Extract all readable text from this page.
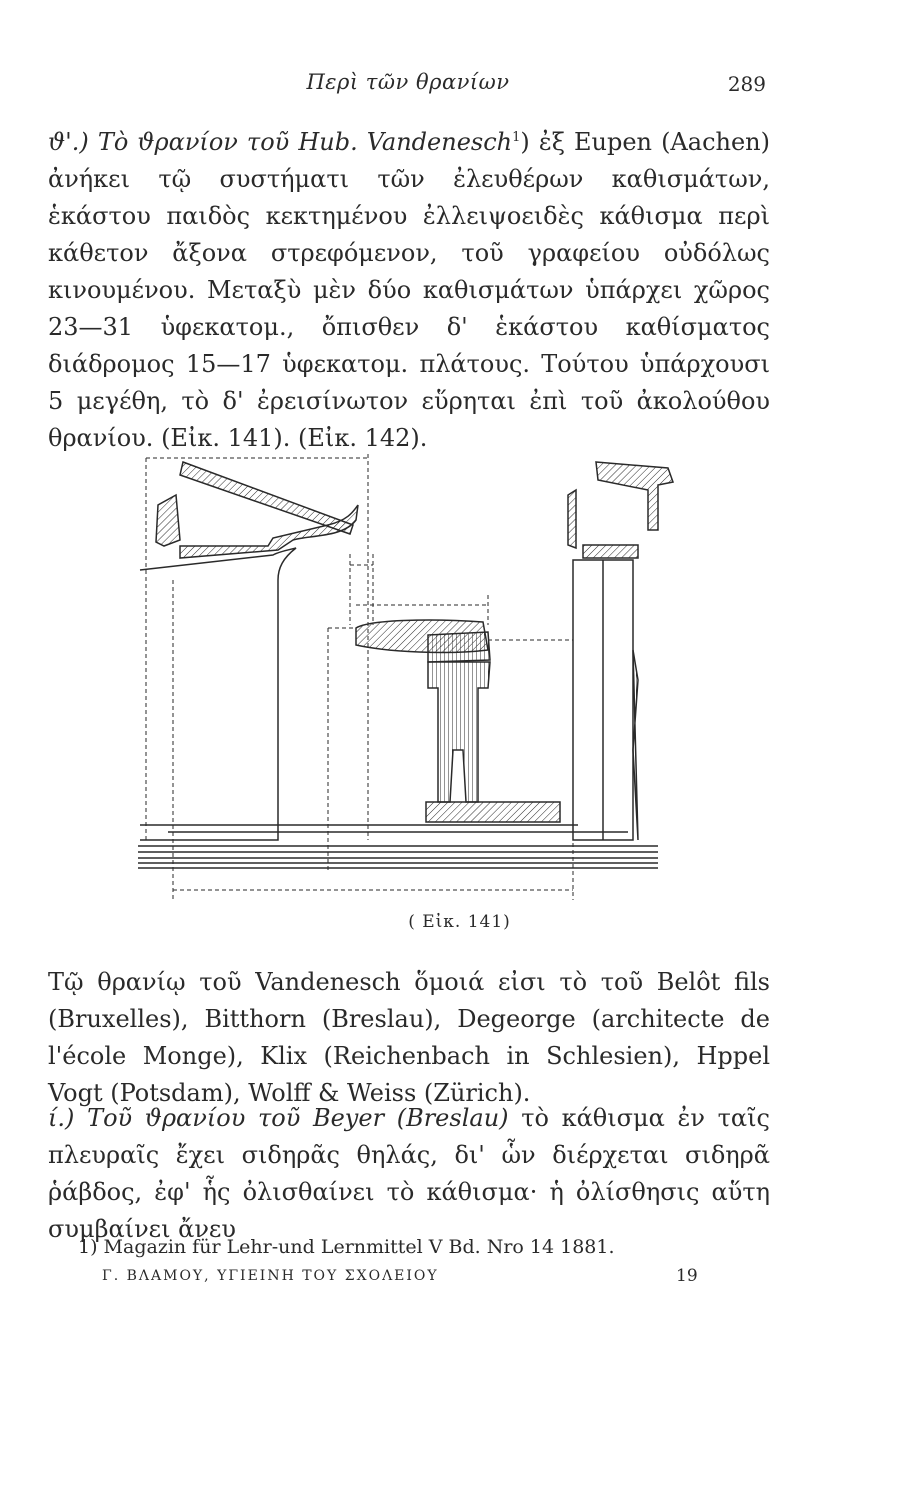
Περὶ τῶν θρανίων	289

ϑ'.) Τὸ ϑρανίον τοῦ Hub. Vandenesch$^1$) ἐξ Eupen (Aachen) ἀνήκει τῷ συστήματι τῶν ἐλευθέρων καθισμάτων, ἑκάστου παιδὸς κεκτημένου ἐλλειψοειδὲς κάθισμα περὶ κάθετον ἄξονα στρεφόμενον, τοῦ γραφείου οὐδόλως κινουμένου. Μεταξὺ μὲν δύο καθισμάτων ὑπάρχει χῶρος 23—31 ὑφεκατομ., ὄπισθεν δ' ἑκάστου καθίσματος διάδρομος 15—17 ὑφεκατομ. πλάτους. Τούτου ὑπάρχουσι 5 μεγέθη, τὸ δ' ἐρεισίνωτον εὕρηται ἐπὶ τοῦ ἀκολούθου θρανίου. (Εἰκ. 141). (Εἰκ. 142).

( Εἰκ. 141)

Τῷ θρανίῳ τοῦ Vandenesch ὅμοιά εἰσι τὸ τοῦ Belôt fils (Bruxelles), Bitthorn (Breslau), Degeorge (architecte de l'école Monge), Klix (Reichenbach in Schlesien), Hppel Vogt (Potsdam), Wolff & Weiss (Zürich).

ί.) Τοῦ ϑρανίου τοῦ Beyer (Breslau) τὸ κάθισμα ἐν ταῖς πλευραῖς ἔχει σιδηρᾶς θηλάς, δι' ὧν διέρχεται σιδηρᾶ ῥάβδος, ἐφ' ἧς ὀλισθαίνει τὸ κάθισμα· ἡ ὀλίσθησις αὕτη συμβαίνει ἄνευ

1) Magazin für Lehr-und Lernmittel V Bd. Nro 14 1881.
Γ. ΒΛΑΜΟΥ, ΥΓΙΕΙΝΗ ΤΟΥ ΣΧΟΛΕΙΟΥ	19
